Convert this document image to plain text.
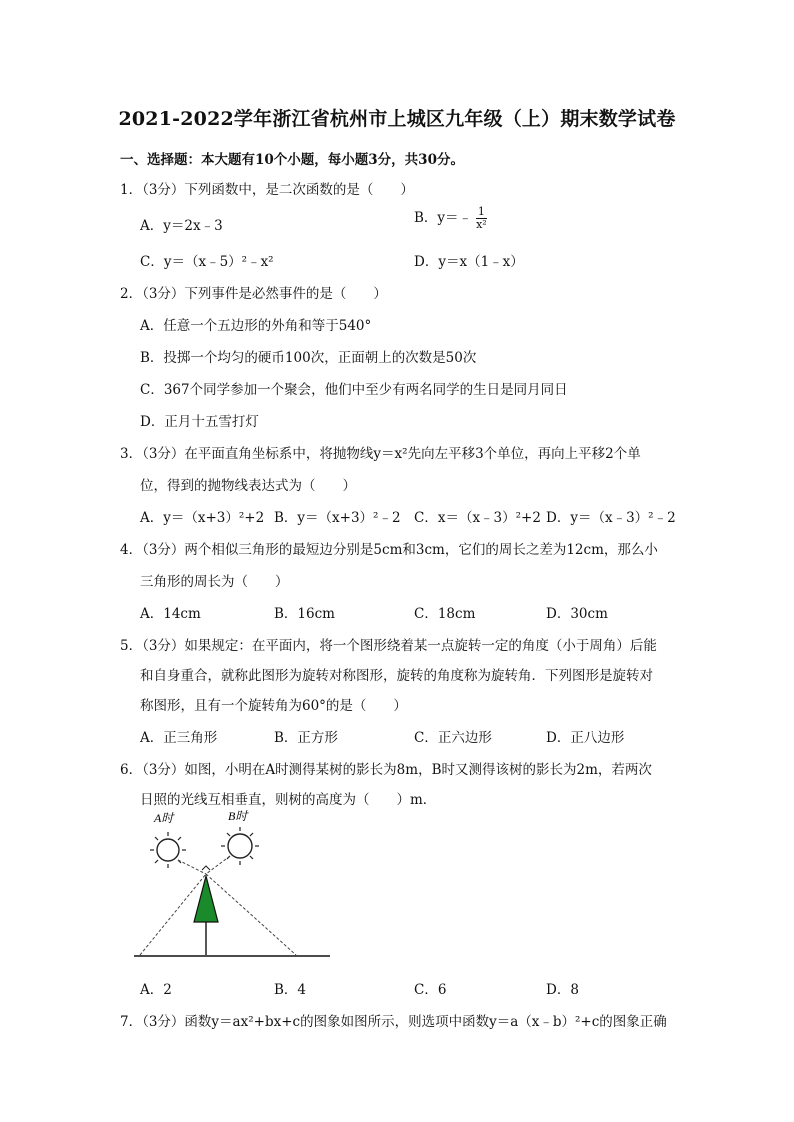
2021-2022学年浙江省杭州市上城区九年级（上）期末数学试卷
一、选择题：本大题有10个小题，每小题3分，共30分。
1．（3分）下列函数中，是二次函数的是（　　）
A．y＝2x﹣3	B．y＝﹣ $\frac{1}{\text{x²}}$
C．y＝（x﹣5）²﹣x²	D．y＝x（1﹣x）
2．（3分）下列事件是必然事件的是（　　）
A．任意一个五边形的外角和等于540°
B．投掷一个均匀的硬币100次，正面朝上的次数是50次
C．367个同学参加一个聚会，他们中至少有两名同学的生日是同月同日
D．正月十五雪打灯
3．（3分）在平面直角坐标系中，将抛物线y＝x²先向左平移3个单位，再向上平移2个单
位，得到的抛物线表达式为（　　）
A．y＝（x+3）²+2 B．y＝（x+3）²﹣2 C．x＝（x﹣3）²+2 D．y＝（x﹣3）²﹣2
4．（3分）两个相似三角形的最短边分别是5cm和3cm，它们的周长之差为12cm，那么小
三角形的周长为（　　）
A．14cm	B．16cm	C．18cm	D．30cm
5．（3分）如果规定：在平面内，将一个图形绕着某一点旋转一定的角度（小于周角）后能
和自身重合，就称此图形为旋转对称图形，旋转的角度称为旋转角．下列图形是旋转对
称图形，且有一个旋转角为60°的是（　　）
A．正三角形	B．正方形	C．正六边形	D．正八边形
6．（3分）如图，小明在A时测得某树的影长为8m，B时又测得该树的影长为2m，若两次
日照的光线互相垂直，则树的高度为（　　）m．
A时	B时
A．2	B．4	C．6	D．8
7．（3分）函数y＝ax²+bx+c的图象如图所示，则选项中函数y＝a（x﹣b）²+c的图象正确
